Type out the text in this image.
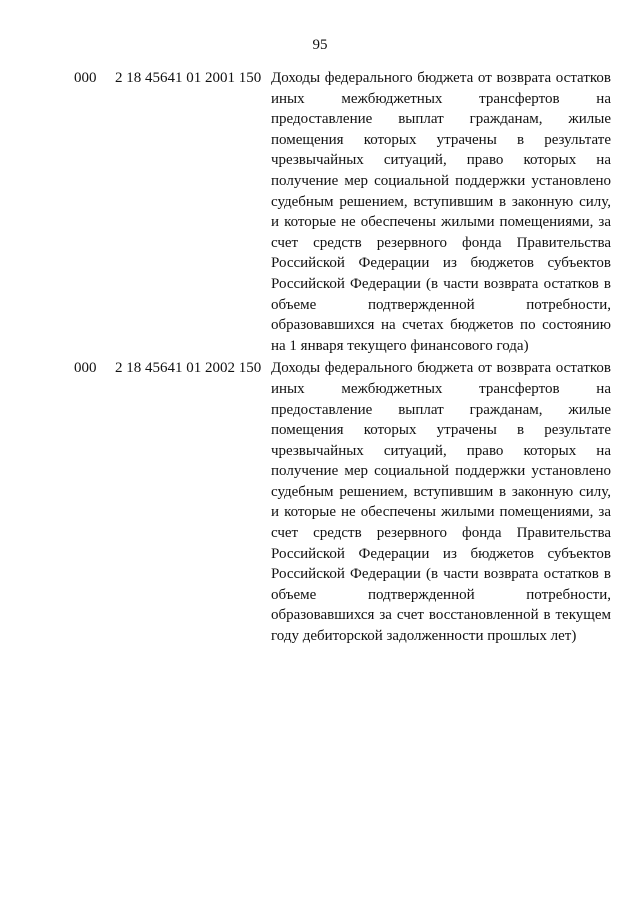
95
000 2 18 45641 01 2001 150 Доходы федерального бюджета от возврата остатков иных межбюджетных трансфертов на предоставление выплат гражданам, жилые помещения которых утрачены в результате чрезвычайных ситуаций, право которых на получение мер социальной поддержки установлено судебным решением, вступившим в законную силу, и которые не обеспечены жилыми помещениями, за счет средств резервного фонда Правительства Российской Федерации из бюджетов субъектов Российской Федерации (в части возврата остатков в объеме подтвержденной потребности, образовавшихся на счетах бюджетов по состоянию на 1 января текущего финансового года)
000 2 18 45641 01 2002 150 Доходы федерального бюджета от возврата остатков иных межбюджетных трансфертов на предоставление выплат гражданам, жилые помещения которых утрачены в результате чрезвычайных ситуаций, право которых на получение мер социальной поддержки установлено судебным решением, вступившим в законную силу, и которые не обеспечены жилыми помещениями, за счет средств резервного фонда Правительства Российской Федерации из бюджетов субъектов Российской Федерации (в части возврата остатков в объеме подтвержденной потребности, образовавшихся за счет восстановленной в текущем году дебиторской задолженности прошлых лет)
